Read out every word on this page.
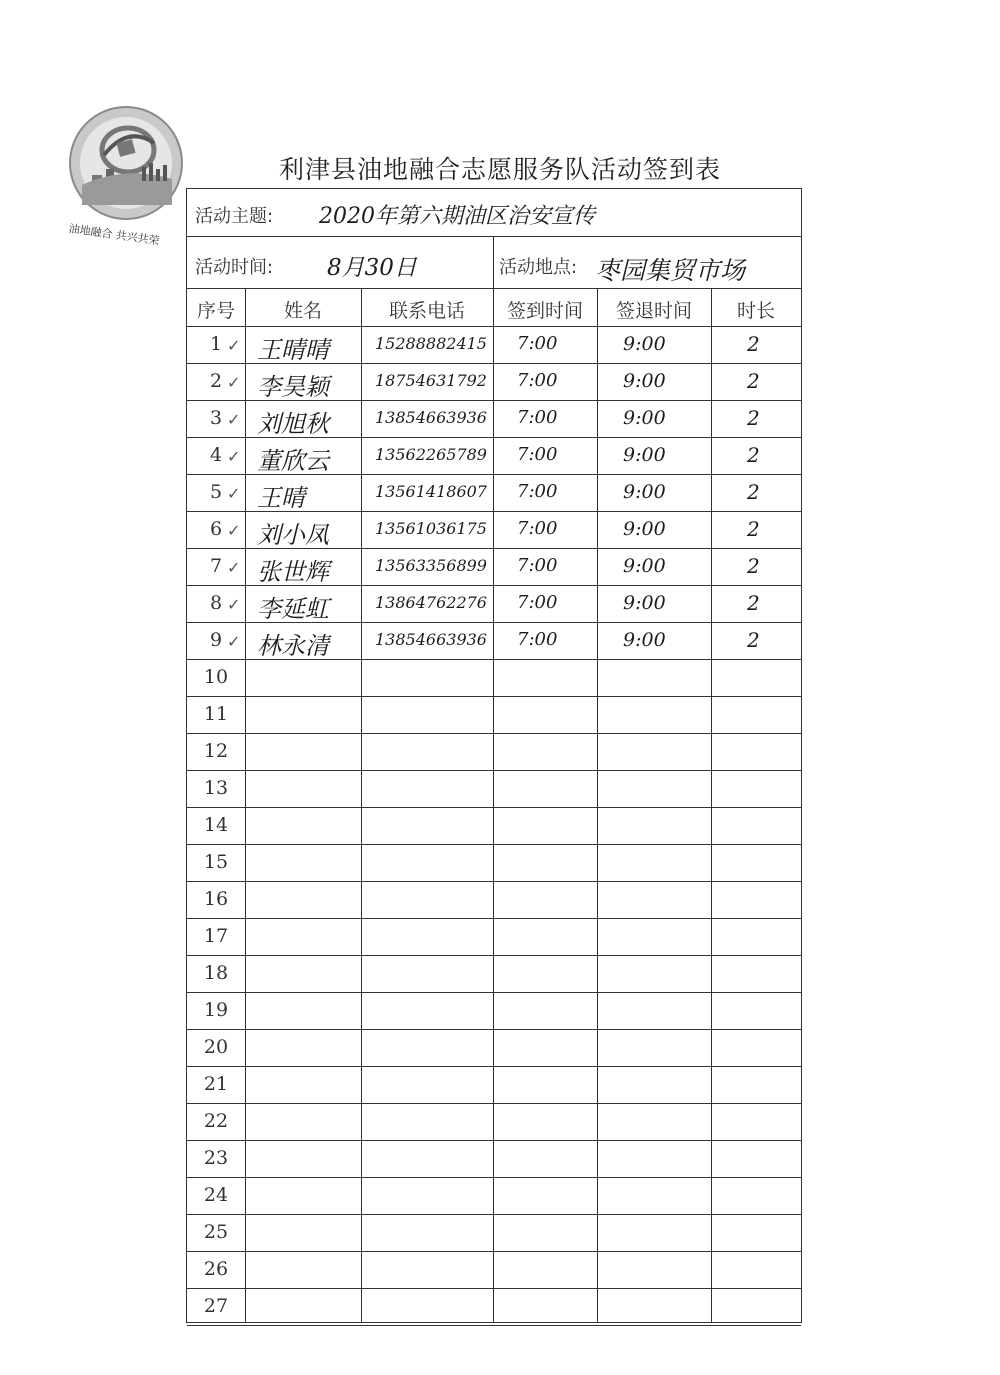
油地融合 共兴共荣
利津县油地融合志愿服务队活动签到表
活动主题: 2020年第六期油区治安宣传
活动时间: 8月30日	活动地点: 枣园集贸市场
序号	姓名	联系电话	签到时间	签退时间	时长
1 ✓ 王晴晴	15288882415 7:00	9:00	2
2 ✓ 李昊颖	18754631792 7:00	9:00	2
3 ✓ 刘旭秋	13854663936 7:00	9:00	2
4 ✓ 董欣云	13562265789 7:00	9:00	2
5 ✓ 王晴	13561418607 7:00	9:00	2
6 ✓ 刘小凤	13561036175 7:00	9:00	2
7 ✓ 张世辉	13563356899 7:00	9:00	2
8 ✓ 李延虹	13864762276 7:00	9:00	2
9 ✓ 林永清	13854663936 7:00	9:00	2
10
11
12
13
14
15
16
17
18
19
20
21
22
23
24
25
26
27
